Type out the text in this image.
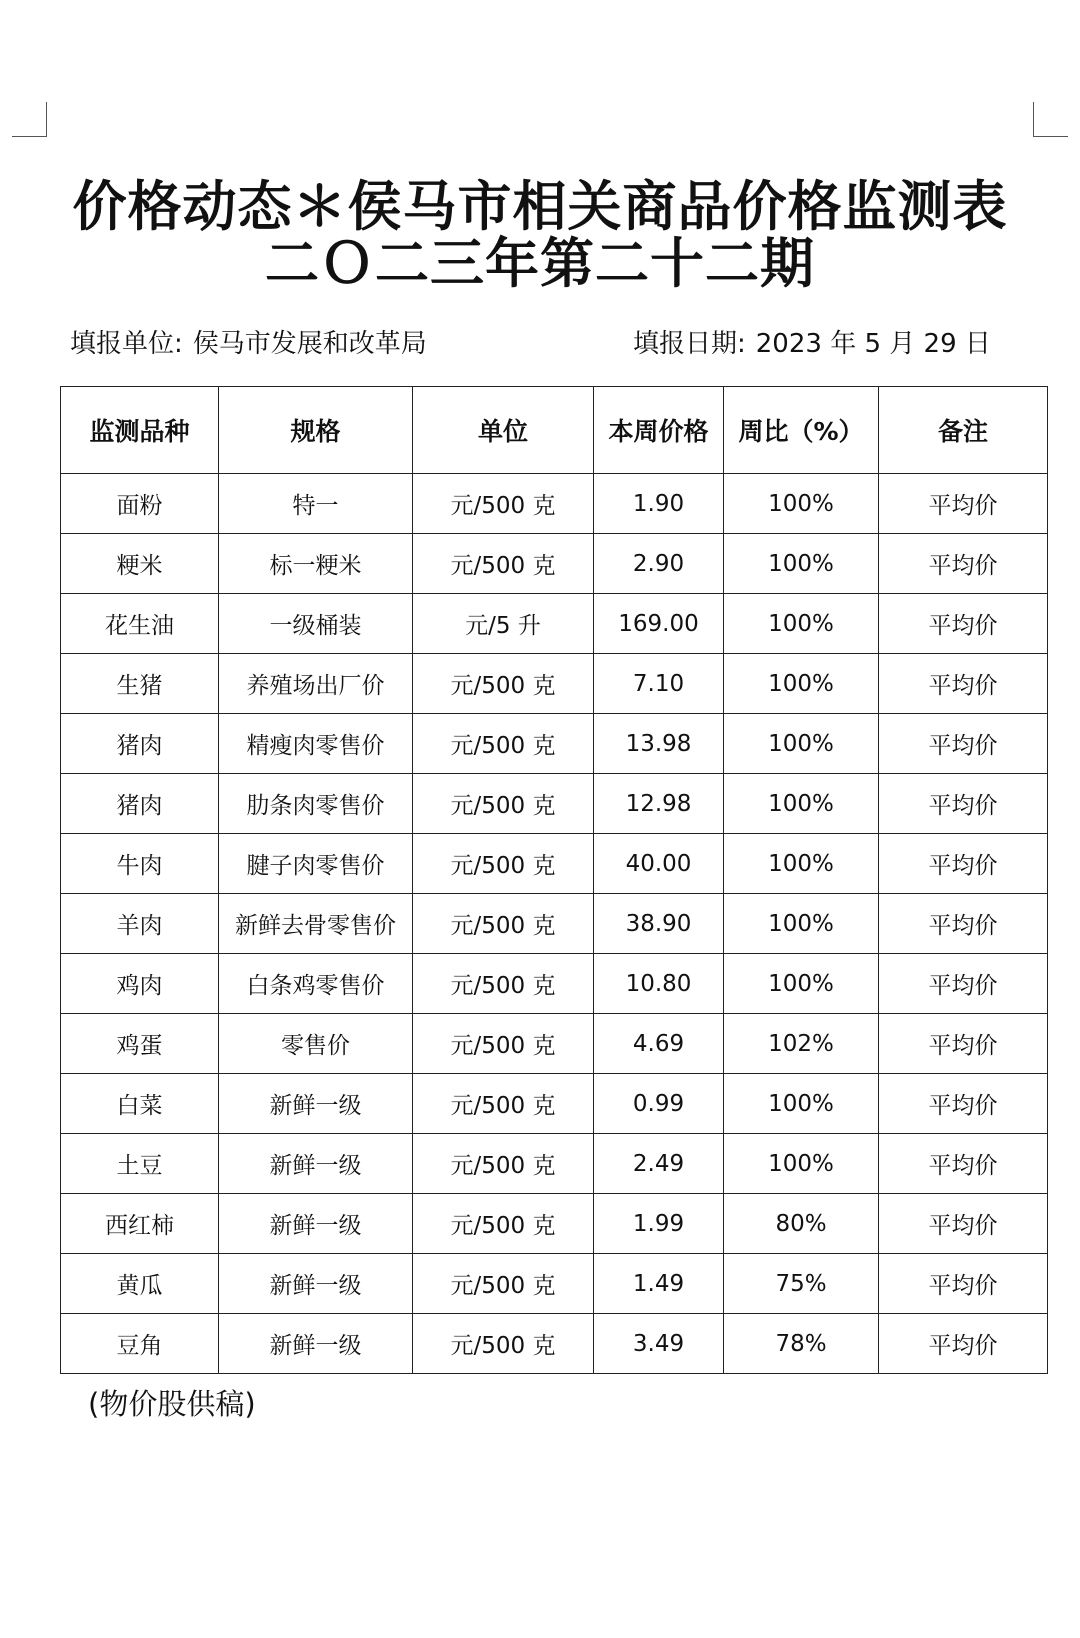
价格动态＊侯马市相关商品价格监测表
二Ｏ二三年第二十二期
填报单位: 侯马市发展和改革局	填报日期: 2023 年 5 月 29 日
监测品种	规格	单位	本周价格	周比（%）	备注
面粉	特一	元/500 克	1.90	100%	平均价
粳米	标一粳米	元/500 克	2.90	100%	平均价
花生油	一级桶装	元/5 升	169.00	100%	平均价
生猪	养殖场出厂价	元/500 克	7.10	100%	平均价
猪肉	精瘦肉零售价	元/500 克	13.98	100%	平均价
猪肉	肋条肉零售价	元/500 克	12.98	100%	平均价
牛肉	腱子肉零售价	元/500 克	40.00	100%	平均价
羊肉	新鲜去骨零售价	元/500 克	38.90	100%	平均价
鸡肉	白条鸡零售价	元/500 克	10.80	100%	平均价
鸡蛋	零售价	元/500 克	4.69	102%	平均价
白菜	新鲜一级	元/500 克	0.99	100%	平均价
土豆	新鲜一级	元/500 克	2.49	100%	平均价
西红柿	新鲜一级	元/500 克	1.99	80%	平均价
黄瓜	新鲜一级	元/500 克	1.49	75%	平均价
豆角	新鲜一级	元/500 克	3.49	78%	平均价
(物价股供稿)
